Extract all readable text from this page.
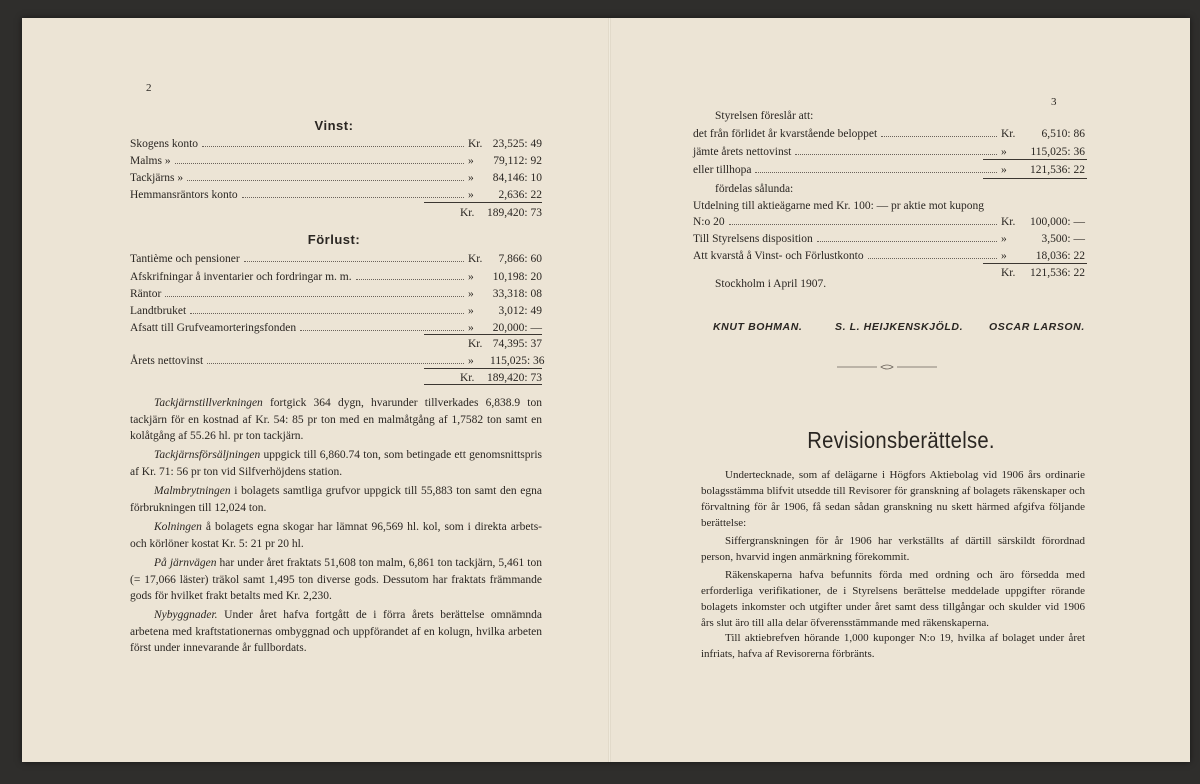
2
Vinst:
Skogens konto	Kr. 23,525: 49
Malms »	»	79,112: 92
Tackjärns »	»	84,146: 10
Hemmansräntors konto	»	2,636: 22
Kr.	189,420: 73
Förlust:
Tantième och pensioner	Kr.	7,866: 60
Afskrifningar å inventarier och fordringar m. m.	»	10,198: 20
Räntor	»	33,318: 08
Landtbruket	»	3,012: 49
Afsatt till Grufveamorteringsfonden	»	20,000: —
Kr. 74,395: 37
Årets nettovinst	»	115,025: 36
Kr.	189,420: 73
Tackjärnstillverkningen fortgick 364 dygn, hvarunder tillverkades 6,838.9 ton tackjärn för en kostnad af Kr. 54: 85 pr ton med en malmåtgång af 1,7582 ton samt en kolåtgång af 55.26 hl. pr ton tackjärn.
Tackjärnsförsäljningen uppgick till 6,860.74 ton, som betingade ett genomsnittspris af Kr. 71: 56 pr ton vid Silfverhöjdens station.
Malmbrytningen i bolagets samtliga grufvor uppgick till 55,883 ton samt den egna förbrukningen till 12,024 ton.
Kolningen å bolagets egna skogar har lämnat 96,569 hl. kol, som i direkta arbets- och körlöner kostat Kr. 5: 21 pr 20 hl.
På järnvägen har under året fraktats 51,608 ton malm, 6,861 ton tackjärn, 5,461 ton (= 17,066 läster) träkol samt 1,495 ton diverse gods. Dessutom har fraktats främmande gods för hvilket frakt betalts med Kr. 2,230.
Nybyggnader. Under året hafva fortgått de i förra årets berättelse omnämnda arbetena med kraftstationernas ombyggnad och uppförandet af en kolugn, hvilka arbeten först under innevarande år fullbordats.
3
Styrelsen föreslår att:
det från förlidet år kvarstående beloppet	Kr.	6,510: 86
jämte årets nettovinst	»	115,025: 36
eller tillhopa	»	121,536: 22
fördelas sålunda:
Utdelning till aktieägarne med Kr. 100: — pr aktie mot kupong
N:o 20	Kr.	100,000: —
Till Styrelsens disposition	»	3,500: —
Att kvarstå å Vinst- och Förlustkonto	»	18,036: 22
Kr.	121,536: 22
Stockholm i April 1907.
KNUT BOHMAN.	S. L. HEIJKENSKJÖLD. OSCAR LARSON.
Revisionsberättelse.
Undertecknade, som af delägarne i Högfors Aktiebolag vid 1906 års ordinarie bolagsstämma blifvit utsedde till Revisorer för granskning af bolagets räkenskaper och förvaltning för år 1906, få sedan sådan granskning nu skett härmed afgifva följande berättelse:
Siffergranskningen för år 1906 har verkställts af därtill särskildt förordnad person, hvarvid ingen anmärkning förekommit.
Räkenskaperna hafva befunnits förda med ordning och äro försedda med erforderliga verifikationer, de i Styrelsens berättelse meddelade uppgifter rörande bolagets inkomster och utgifter under året samt dess tillgångar och skulder vid 1906 års slut äro till alla delar öfverensstämmande med räkenskaperna.
Till aktiebrefven hörande 1,000 kuponger N:o 19, hvilka af bolaget under året infriats, hafva af Revisorerna förbränts.
